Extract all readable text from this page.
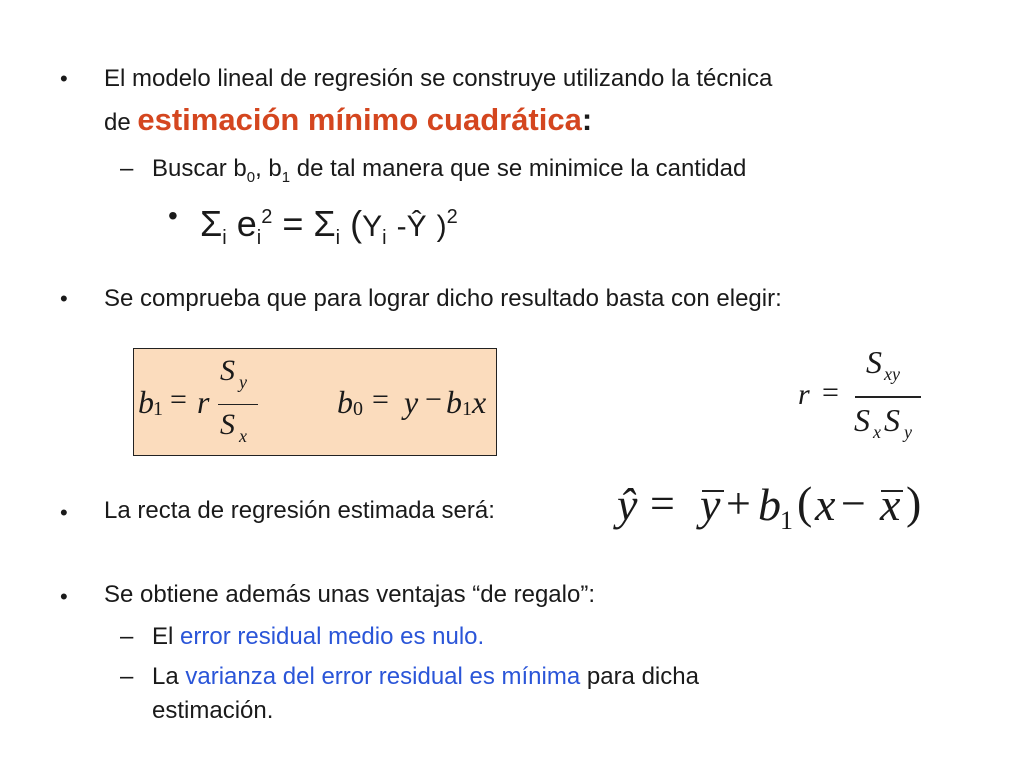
• El modelo lineal de regresión se construye utilizando la técnica
de estimación mínimo cuadrática:
– Buscar $b_0$, $b_1$ de tal manera que se minimice la cantidad
• $\Sigma_i$ $e_i^2 = \Sigma_i$ ($Y_i$ -Ŷ )$^2$
• Se comprueba que para lograr dicho resultado basta con elegir:
b 1 = r
S y
S x
b 0 = y − b 1 x	r =
S xy
S x S y
• La recta de regresión estimada será:	ŷ = y + b 1 ( x − x )
• Se obtiene además unas ventajas “de regalo”:
– El error residual medio es nulo.
– La varianza del error residual es mínima para dicha
estimación.
